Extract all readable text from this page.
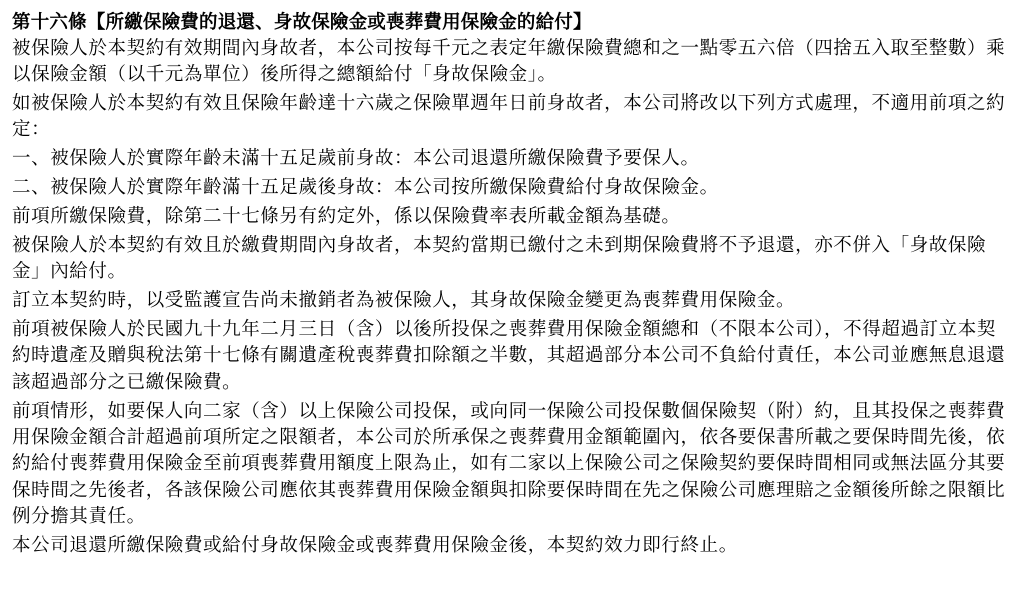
第十六條【所繳保險費的退還、身故保險金或喪葬費用保險金的給付】

被保險人於本契約有效期間內身故者，本公司按每千元之表定年繳保險費總和之一點零五六倍（四捨五入取至整數）乘以保險金額（以千元為單位）後所得之總額給付「身故保險金」。

如被保險人於本契約有效且保險年齡達十六歲之保險單週年日前身故者，本公司將改以下列方式處理，不適用前項之約定：

一、被保險人於實際年齡未滿十五足歲前身故：本公司退還所繳保險費予要保人。

二、被保險人於實際年齡滿十五足歲後身故：本公司按所繳保險費給付身故保險金。

前項所繳保險費，除第二十七條另有約定外，係以保險費率表所載金額為基礎。

被保險人於本契約有效且於繳費期間內身故者，本契約當期已繳付之未到期保險費將不予退還，亦不併入「身故保險金」內給付。

訂立本契約時，以受監護宣告尚未撤銷者為被保險人，其身故保險金變更為喪葬費用保險金。

前項被保險人於民國九十九年二月三日（含）以後所投保之喪葬費用保險金額總和（不限本公司），不得超過訂立本契約時遺產及贈與稅法第十七條有關遺產稅喪葬費扣除額之半數，其超過部分本公司不負給付責任，本公司並應無息退還該超過部分之已繳保險費。

前項情形，如要保人向二家（含）以上保險公司投保，或向同一保險公司投保數個保險契（附）約，且其投保之喪葬費用保險金額合計超過前項所定之限額者，本公司於所承保之喪葬費用金額範圍內，依各要保書所載之要保時間先後，依約給付喪葬費用保險金至前項喪葬費用額度上限為止，如有二家以上保險公司之保險契約要保時間相同或無法區分其要保時間之先後者，各該保險公司應依其喪葬費用保險金額與扣除要保時間在先之保險公司應理賠之金額後所餘之限額比例分擔其責任。

本公司退還所繳保險費或給付身故保險金或喪葬費用保險金後，本契約效力即行終止。
